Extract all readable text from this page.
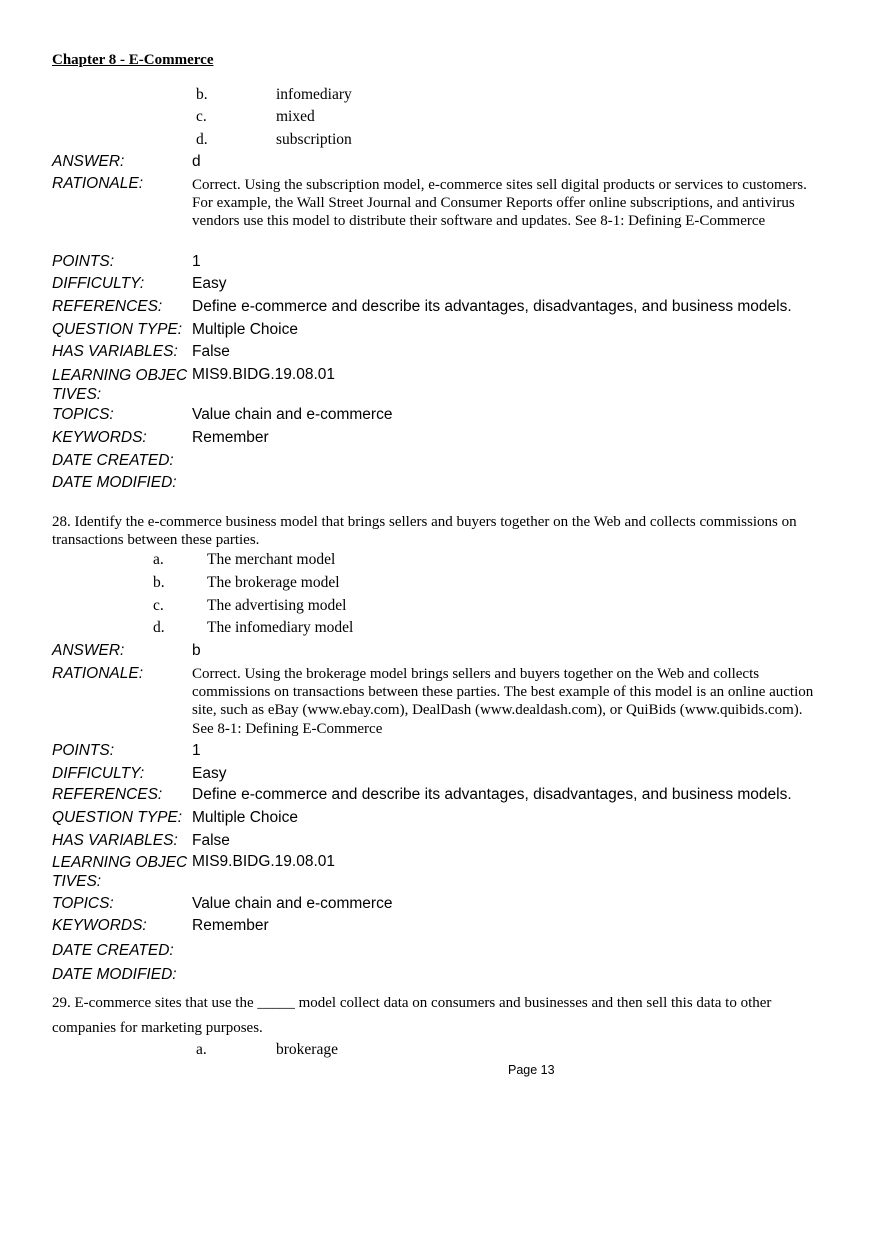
Chapter 8 - E-Commerce
b.	infomediary
c.	mixed
d.	subscription
ANSWER:	d
RATIONALE:	Correct. Using the subscription model, e-commerce sites sell digital products or services to customers. For example, the Wall Street Journal and Consumer Reports offer online subscriptions, and antivirus vendors use this model to distribute their software and updates. See 8-1: Defining E-Commerce
POINTS:	1
DIFFICULTY:	Easy
REFERENCES: Define e-commerce and describe its advantages, disadvantages, and business models.
QUESTION TYPE: Multiple Choice
HAS VARIABLES: False
LEARNING OBJECTIVES:
MIS9.BIDG.19.08.01
TOPICS:	Value chain and e-commerce
KEYWORDS:	Remember
DATE CREATED:
DATE MODIFIED:
28. Identify the e-commerce business model that brings sellers and buyers together on the Web and collects commissions on transactions between these parties.
a.	The merchant model
b.	The brokerage model
c.	The advertising model
d.	The infomediary model
ANSWER:	b
RATIONALE:	Correct. Using the brokerage model brings sellers and buyers together on the Web and collects commissions on transactions between these parties. The best example of this model is an online auction site, such as eBay (www.ebay.com), DealDash (www.dealdash.com), or QuiBids (www.quibids.com). See 8-1: Defining E-Commerce
POINTS:	1
DIFFICULTY:	Easy
REFERENCES: Define e-commerce and describe its advantages, disadvantages, and business models.
QUESTION TYPE: Multiple Choice
HAS VARIABLES: False
LEARNING OBJECTIVES:
MIS9.BIDG.19.08.01
TOPICS:	Value chain and e-commerce
KEYWORDS:	Remember
DATE CREATED:
DATE MODIFIED:
29. E-commerce sites that use the _____ model collect data on consumers and businesses and then sell this data to other companies for marketing purposes.
a.	brokerage
Page 13
